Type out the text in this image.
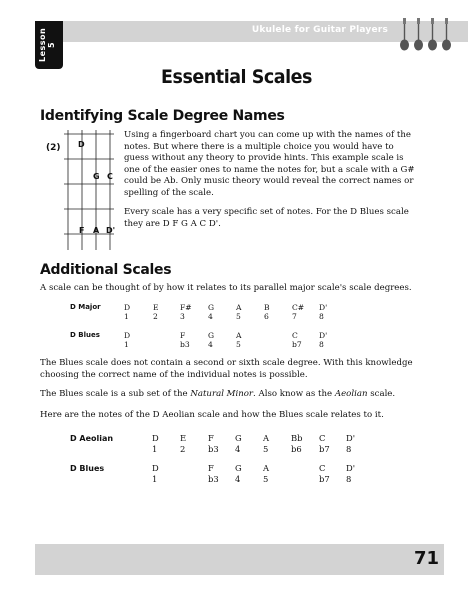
Ukulele for Guitar Players
Lesson 5
Essential Scales
Identifying Scale Degree Names
(2) D
G C
F A D'
Using a fingerboard chart you can come up with the names of the notes. But where there is a multiple choice you would have to guess without any theory to provide hints. This example scale is one of the easier ones to name the notes for, but a scale with a G# could be Ab. Only music theory would reveal the correct names or spelling of the scale.
Every scale has a very specific set of notes. For the D Blues scale they are D F G A C D'.
Additional Scales
A scale can be thought of by how it relates to its parallel major scale's scale degrees.
D Major	D	E	F#	G	A	B	C#	D'
1	2	3	4	5	6	7	8
D Blues	D	F	G	A	C	D'
1	b3	4	5	b7	8
The Blues scale does not contain a second or sixth scale degree. With this knowledge choosing the correct name of the individual notes is possible.
The Blues scale is a sub set of the Natural Minor. Also know as the Aeolian scale.
Here are the notes of the D Aeolian scale and how the Blues scale relates to it.
D Aeolian	D	E	F	G	A	Bb	C	D'
1	2	b3	4	5	b6	b7	8
D Blues	D	F	G	A	C	D'
1	b3	4	5	b7	8
71
